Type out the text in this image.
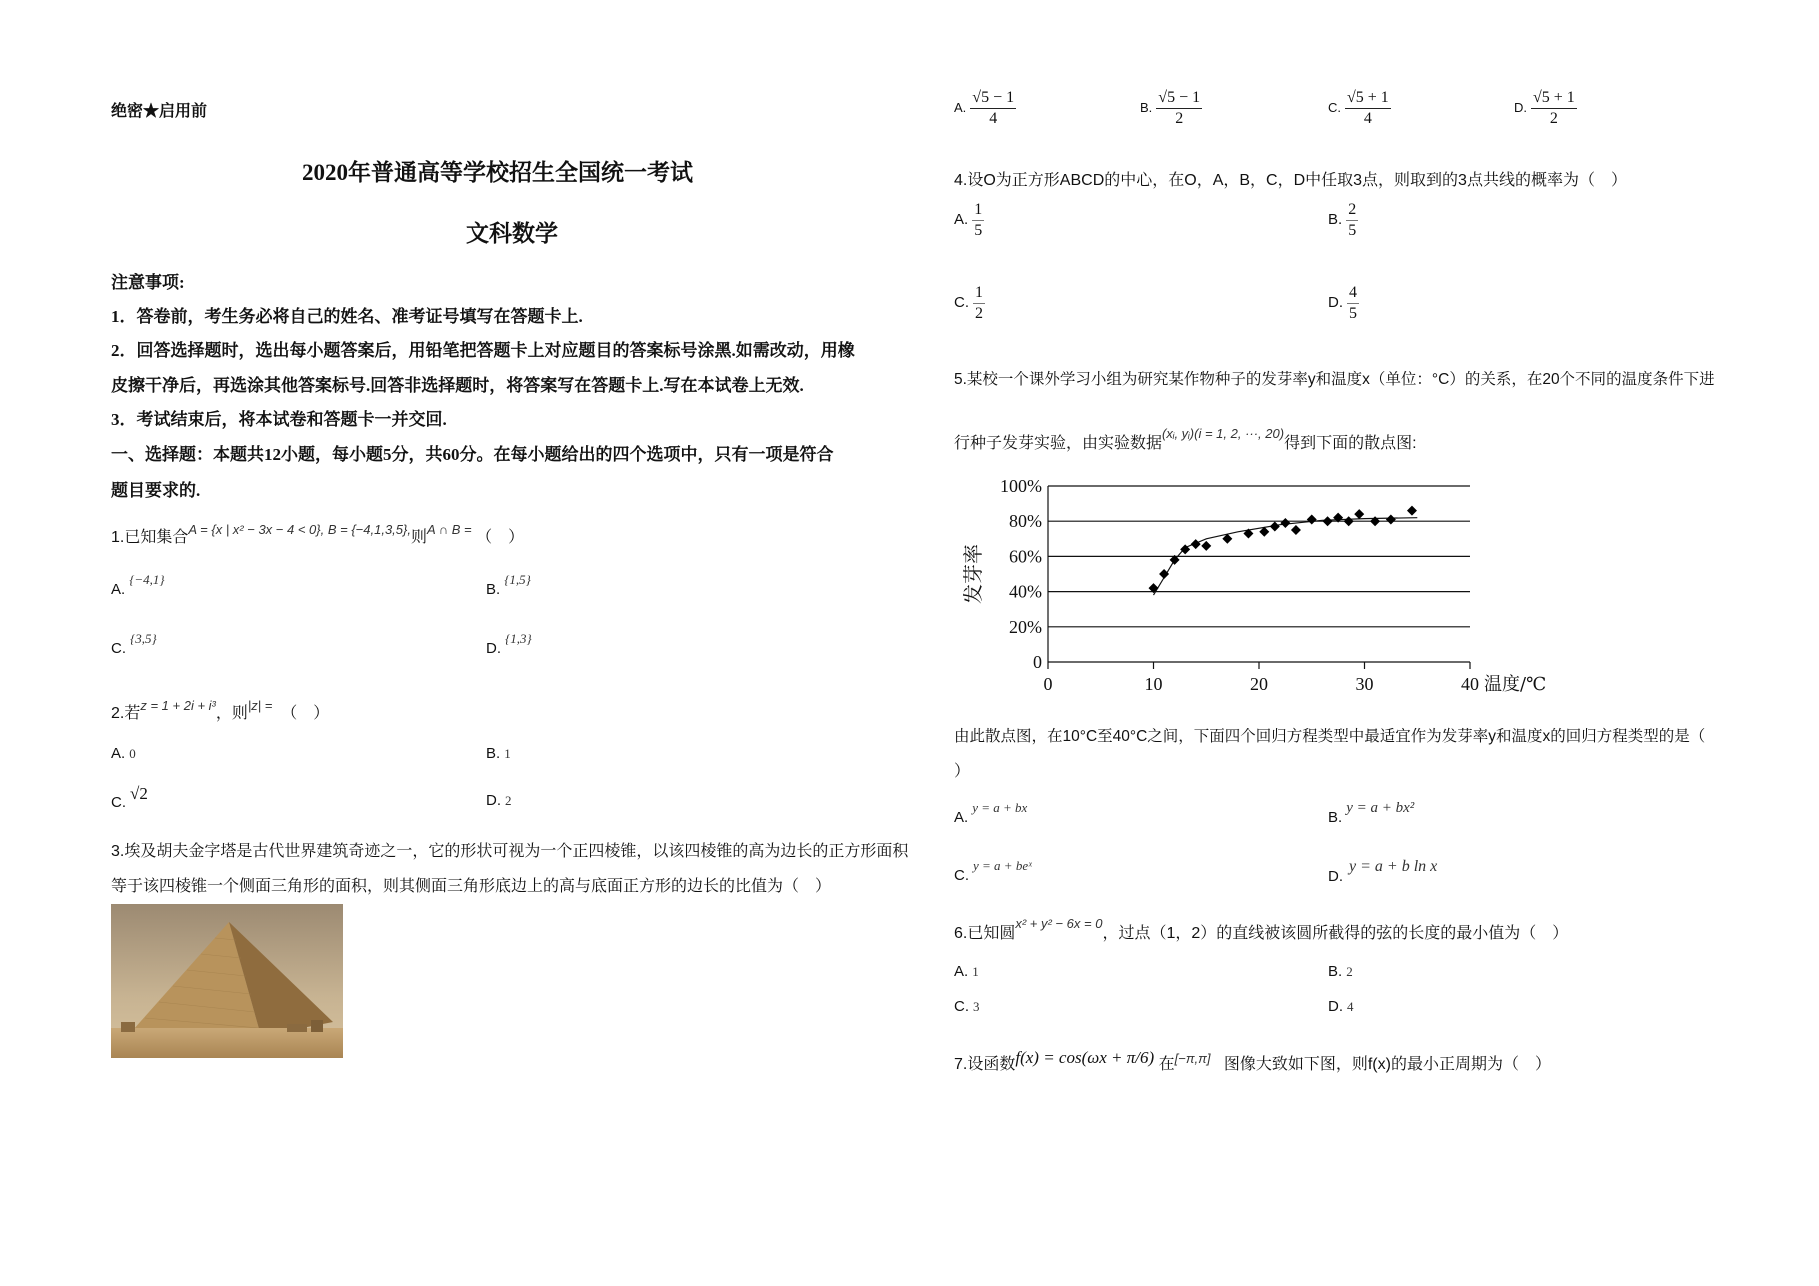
绝密★启用前
2020年普通高等学校招生全国统一考试
文科数学
注意事项:
1．答卷前，考生务必将自己的姓名、准考证号填写在答题卡上.
2．回答选择题时，选出每小题答案后，用铅笔把答题卡上对应题目的答案标号涂黑.如需改动，用橡
皮擦干净后，再选涂其他答案标号.回答非选择题时，将答案写在答题卡上.写在本试卷上无效.
3．考试结束后，将本试卷和答题卡一并交回.
一、选择题：本题共12小题，每小题5分，共60分。在每小题给出的四个选项中，只有一项是符合
题目要求的.
1.已知集合$^{A = \{x | x^2 - 3x - 4 < 0\}, B = \{-4,1,3,5\},}$则$^{A \cap B =}$ （　）
A.$^{\{-4,1\}}$
B.$^{\{1,5\}}$
C.$^{\{3,5\}}$
D.$^{\{1,3\}}$
2.若$^{z = 1 + 2i + i^3}$，则$^{|z| =}$ （　）
A. 0	B. 1
C. √2	D. 2
3.埃及胡夫金字塔是古代世界建筑奇迹之一，它的形状可视为一个正四棱锥，以该四棱锥的高为边长的正方形面积
等于该四棱锥一个侧面三角形的面积，则其侧面三角形底边上的高与底面正方形的边长的比值为（　）
A. $\frac{√5 - 1}{4}$	B. $\frac{√5 - 1}{2}$	C. $\frac{√5 + 1}{4}$	D. $\frac{√5 + 1}{2}$
4.设O为正方形ABCD的中心，在O，A，B，C，D中任取3点，则取到的3点共线的概率为（　）
A. $\frac{1}{5}$	B. $\frac{2}{5}$
C. $\frac{1}{2}$	D. $\frac{4}{5}$
5.某校一个课外学习小组为研究某作物种子的发芽率y和温度x（单位：°C）的关系，在20个不同的温度条件下进
行种子发芽实验，由实验数据$^{(xᵢ, yᵢ)(i = 1, 2, \cdot\cdot\cdot, 20)}$得到下面的散点图:
0
20%
40%
60%
80%
100%
0	10	20	30	40 温度/℃
发芽率
由此散点图，在10°C至40°C之间，下面四个回归方程类型中最适宜作为发芽率y和温度x的回归方程类型的是（
）
A.$^{y = a + bx}$
B.y = a + bx²
C.$^{y = a + beˣ}$
D.y = a + b ln x
6.已知圆$^{x^2 + y^2 - 6x = 0}$，过点（1，2）的直线被该圆所截得的弦的长度的最小值为（　）
A. 1	B. 2
C. 3	D. 4
7.设函数f(x) = cos(ωx + π/6) 在[−π,π] 图像大致如下图，则f(x)的最小正周期为（　）
